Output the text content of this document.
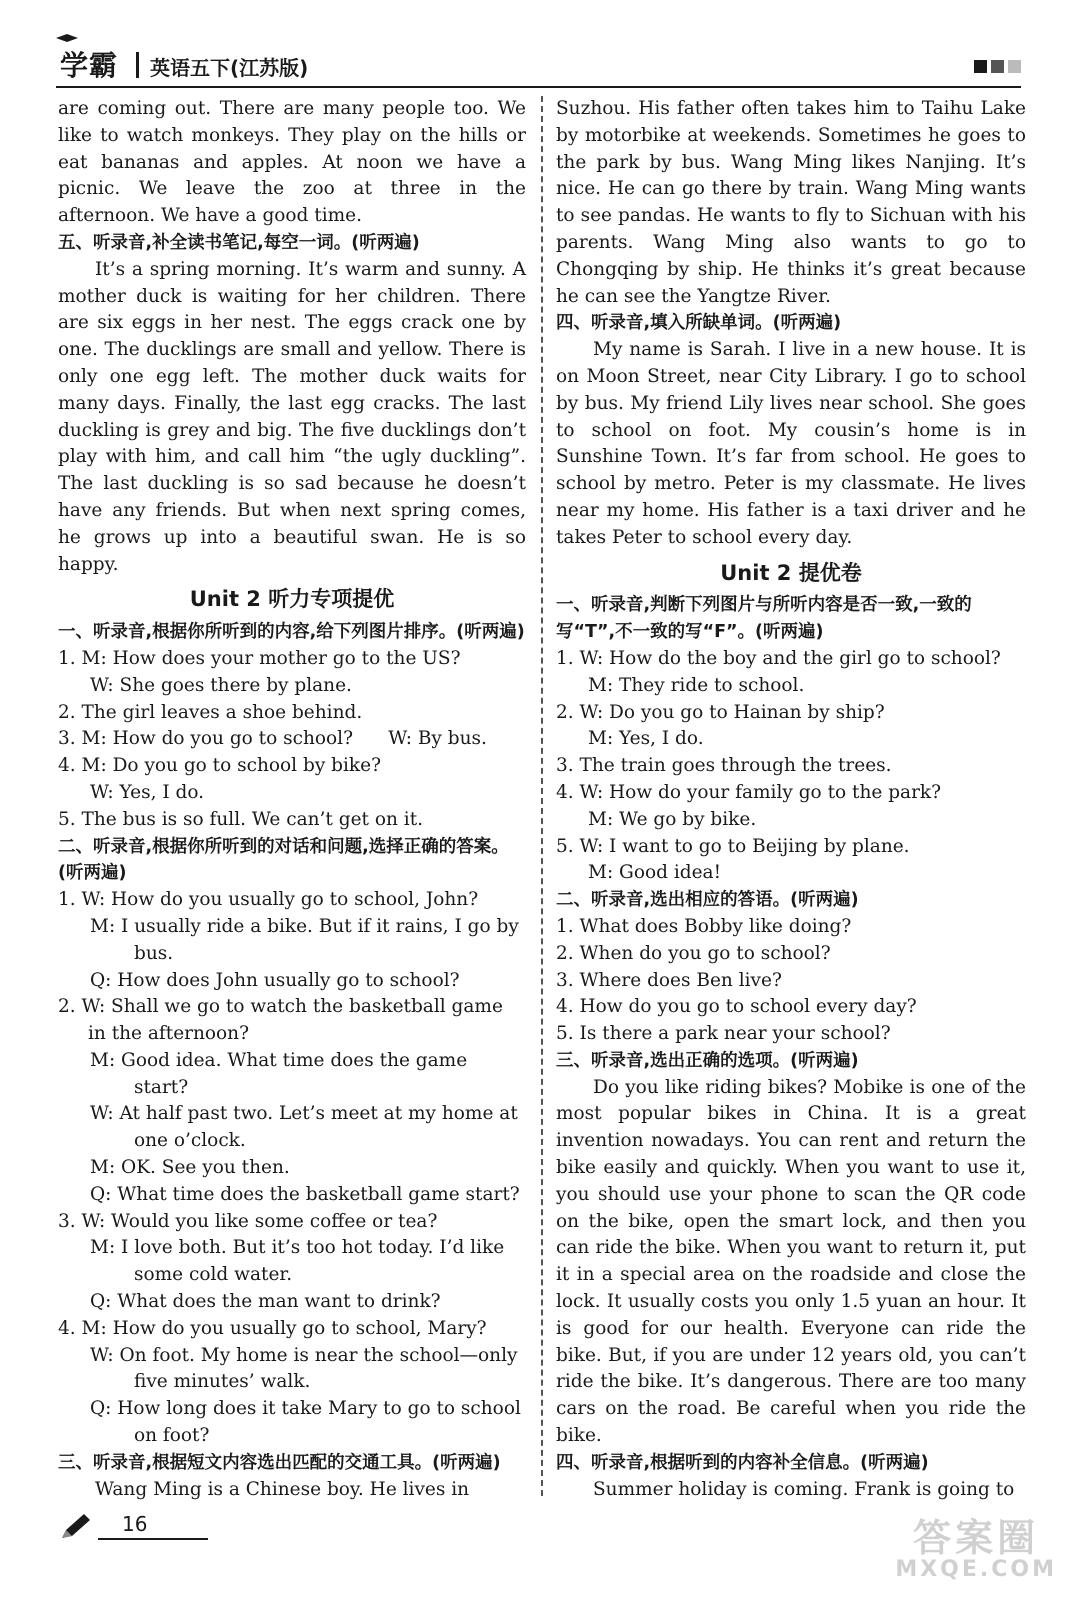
学霸 英语五下(江苏版)

are coming out. There are many people too. We like to watch monkeys. They play on the hills or eat bananas and apples. At noon we have a picnic. We leave the zoo at three in the afternoon. We have a good time.

五、听录音,补全读书笔记,每空一词。(听两遍)

It’s a spring morning. It’s warm and sunny. A mother duck is waiting for her children. There are six eggs in her nest. The eggs crack one by one. The ducklings are small and yellow. There is only one egg left. The mother duck waits for many days. Finally, the last egg cracks. The last duckling is grey and big. The five ducklings don’t play with him, and call him “the ugly duckling”. The last duckling is so sad because he doesn’t have any friends. But when next spring comes, he grows up into a beautiful swan. He is so happy.

Unit 2 听力专项提优

一、听录音,根据你所听到的内容,给下列图片排序。(听两遍)

1. M: How does your mother go to the US?

W: She goes there by plane.

2. The girl leaves a shoe behind.

3. M: How do you go to school?      W: By bus.

4. M: Do you go to school by bike?

W: Yes, I do.

5. The bus is so full. We can’t get on it.

二、听录音,根据你所听到的对话和问题,选择正确的答案。(听两遍)

1. W: How do you usually go to school, John?

M: I usually ride a bike. But if it rains, I go by bus.

Q: How does John usually go to school?

2. W: Shall we go to watch the basketball game in the afternoon?

M: Good idea. What time does the game start?

W: At half past two. Let’s meet at my home at one o’clock.

M: OK. See you then.

Q: What time does the basketball game start?

3. W: Would you like some coffee or tea?

M: I love both. But it’s too hot today. I’d like some cold water.

Q: What does the man want to drink?

4. M: How do you usually go to school, Mary?

W: On foot. My home is near the school—only five minutes’ walk.

Q: How long does it take Mary to go to school on foot?

三、听录音,根据短文内容选出匹配的交通工具。(听两遍)

Wang Ming is a Chinese boy. He lives in

Suzhou. His father often takes him to Taihu Lake by motorbike at weekends. Sometimes he goes to the park by bus. Wang Ming likes Nanjing. It’s nice. He can go there by train. Wang Ming wants to see pandas. He wants to fly to Sichuan with his parents. Wang Ming also wants to go to Chongqing by ship. He thinks it’s great because he can see the Yangtze River.

四、听录音,填入所缺单词。(听两遍)

My name is Sarah. I live in a new house. It is on Moon Street, near City Library. I go to school by bus. My friend Lily lives near school. She goes to school on foot. My cousin’s home is in Sunshine Town. It’s far from school. He goes to school by metro. Peter is my classmate. He lives near my home. His father is a taxi driver and he takes Peter to school every day.

Unit 2 提优卷

一、听录音,判断下列图片与所听内容是否一致,一致的写“T”,不一致的写“F”。(听两遍)

1. W: How do the boy and the girl go to school?

M: They ride to school.

2. W: Do you go to Hainan by ship?

M: Yes, I do.

3. The train goes through the trees.

4. W: How do your family go to the park?

M: We go by bike.

5. W: I want to go to Beijing by plane.

M: Good idea!

二、听录音,选出相应的答语。(听两遍)

1. What does Bobby like doing?

2. When do you go to school?

3. Where does Ben live?

4. How do you go to school every day?

5. Is there a park near your school?

三、听录音,选出正确的选项。(听两遍)

Do you like riding bikes? Mobike is one of the most popular bikes in China. It is a great invention nowadays. You can rent and return the bike easily and quickly. When you want to use it, you should use your phone to scan the QR code on the bike, open the smart lock, and then you can ride the bike. When you want to return it, put it in a special area on the roadside and close the lock. It usually costs you only 1.5 yuan an hour. It is good for our health. Everyone can ride the bike. But, if you are under 12 years old, you can’t ride the bike. It’s dangerous. There are too many cars on the road. Be careful when you ride the bike.

四、听录音,根据听到的内容补全信息。(听两遍)

Summer holiday is coming. Frank is going to

16	答案圈
MXQE.COM
